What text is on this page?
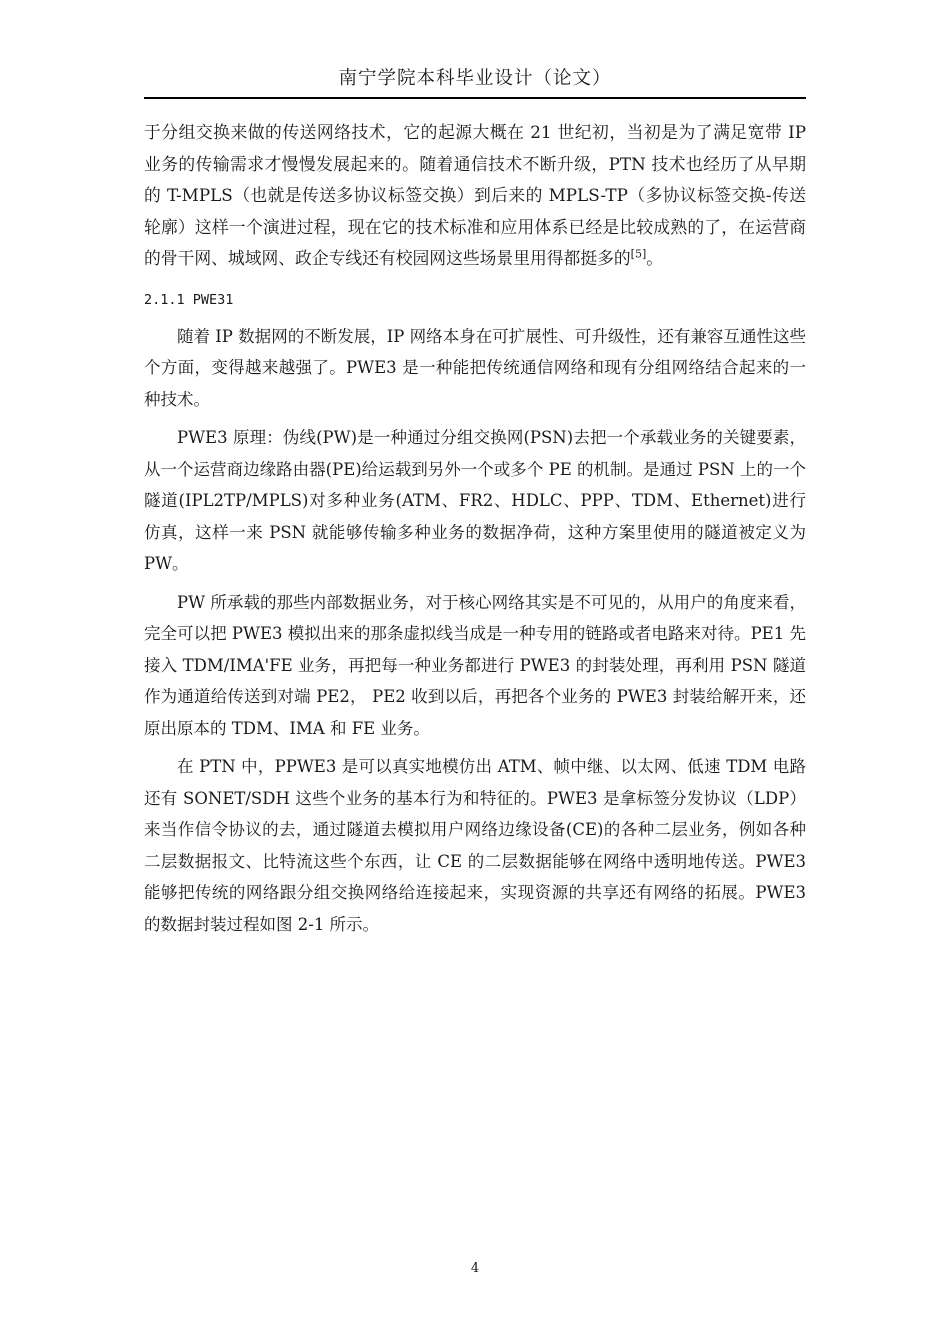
南宁学院本科毕业设计（论文）

于分组交换来做的传送网络技术，它的起源大概在 21 世纪初，当初是为了满足宽带 IP 业务的传输需求才慢慢发展起来的。随着通信技术不断升级，PTN 技术也经历了从早期的 T-MPLS（也就是传送多协议标签交换）到后来的 MPLS-TP（多协议标签交换-传送轮廓）这样一个演进过程，现在它的技术标准和应用体系已经是比较成熟的了，在运营商的骨干网、城域网、政企专线还有校园网这些场景里用得都挺多的[5]。

2.1.1 PWE31

随着 IP 数据网的不断发展，IP 网络本身在可扩展性、可升级性，还有兼容互通性这些个方面，变得越来越强了。PWE3 是一种能把传统通信网络和现有分组网络结合起来的一种技术。

PWE3 原理：伪线(PW)是一种通过分组交换网(PSN)去把一个承载业务的关键要素，从一个运营商边缘路由器(PE)给运载到另外一个或多个 PE 的机制。是通过 PSN 上的一个隧道(IPL2TP/MPLS)对多种业务(ATM、FR2、HDLC、PPP、TDM、Ethernet)进行仿真，这样一来 PSN 就能够传输多种业务的数据净荷，这种方案里使用的隧道被定义为 PW。

PW 所承载的那些内部数据业务，对于核心网络其实是不可见的，从用户的角度来看，完全可以把 PWE3 模拟出来的那条虚拟线当成是一种专用的链路或者电路来对待。PE1 先接入 TDM/IMA'FE 业务，再把每一种业务都进行 PWE3 的封装处理，再利用 PSN 隧道作为通道给传送到对端 PE2， PE2 收到以后，再把各个业务的 PWE3 封装给解开来，还原出原本的 TDM、IMA 和 FE 业务。

在 PTN 中，PPWE3 是可以真实地模仿出 ATM、帧中继、以太网、低速 TDM 电路还有 SONET/SDH 这些个业务的基本行为和特征的。PWE3 是拿标签分发协议（LDP）来当作信令协议的去，通过隧道去模拟用户网络边缘设备(CE)的各种二层业务，例如各种二层数据报文、比特流这些个东西，让 CE 的二层数据能够在网络中透明地传送。PWE3 能够把传统的网络跟分组交换网络给连接起来，实现资源的共享还有网络的拓展。PWE3 的数据封装过程如图 2-1 所示。

4
